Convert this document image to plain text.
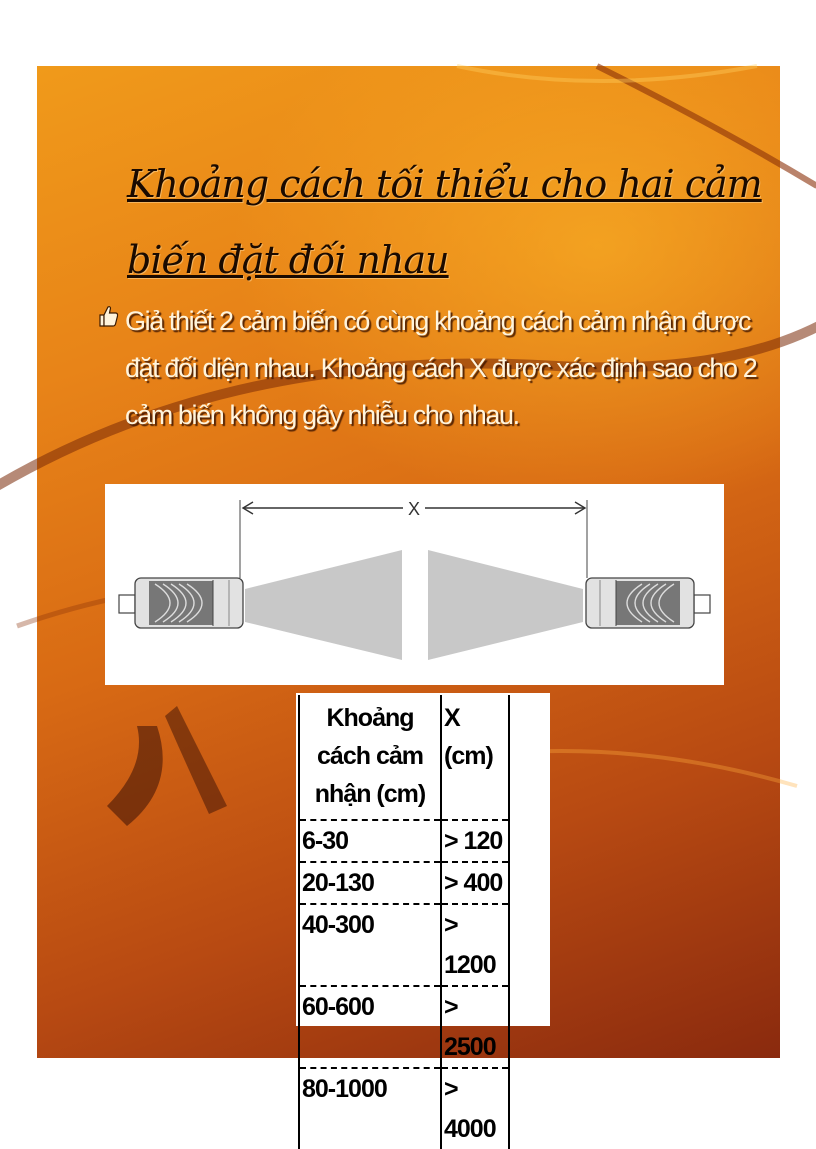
Khoảng cách tối thiểu cho hai cảm biến đặt đối nhau
Giả thiết 2 cảm biến có cùng khoảng cách cảm nhận được đặt đối diện nhau. Khoảng cách X được xác định sao cho 2 cảm biến không gây nhiễu cho nhau.
X
Khoảng cách cảm nhận (cm)	X (cm)
6-30	> 120
20-130	> 400
40-300	> 1200
60-600	> 2500
80-1000	> 4000
